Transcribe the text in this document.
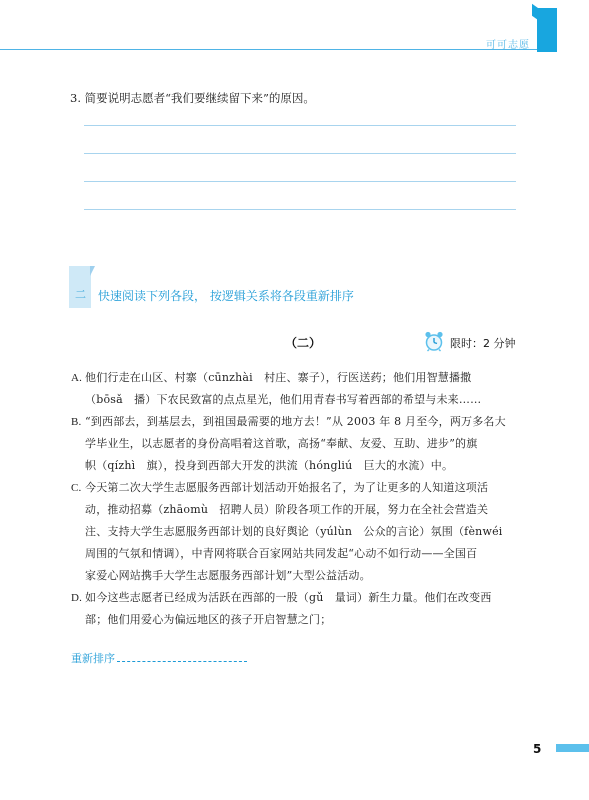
可可志愿
3. 简要说明志愿者“我们要继续留下来”的原因。
二 快速阅读下列各段， 按逻辑关系将各段重新排序
（二）	限时：2 分钟
A. 他们行走在山区、村寨（cūnzhài　村庄、寨子），行医送药；他们用智慧播撒
（bōsǎ　播）下农民致富的点点星光，他们用青春书写着西部的希望与未来……
B. “到西部去，到基层去，到祖国最需要的地方去！”从 2003 年 8 月至今，两万多名大
学毕业生，以志愿者的身份高唱着这首歌，高扬“奉献、友爱、互助、进步”的旗
帜（qízhì　旗），投身到西部大开发的洪流（hóngliú　巨大的水流）中。
C. 今天第二次大学生志愿服务西部计划活动开始报名了，为了让更多的人知道这项活
动，推动招募（zhāomù　招聘人员）阶段各项工作的开展，努力在全社会营造关
注、支持大学生志愿服务西部计划的良好舆论（yúlùn　公众的言论）氛围（fènwéi
周围的气氛和情调），中青网将联合百家网站共同发起“心动不如行动——全国百
家爱心网站携手大学生志愿服务西部计划”大型公益活动。
D. 如今这些志愿者已经成为活跃在西部的一股（gǔ　量词）新生力量。他们在改变西
部；他们用爱心为偏远地区的孩子开启智慧之门；
重新排序
5
